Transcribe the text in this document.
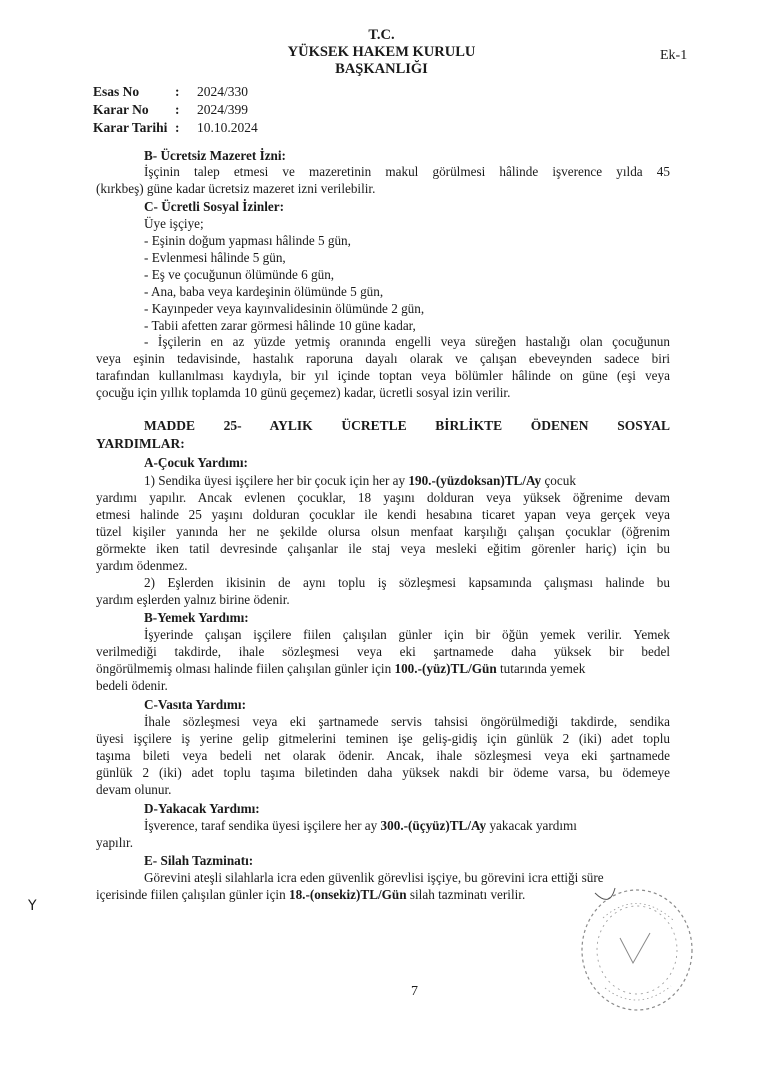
T.C.
YÜKSEK HAKEM KURULU
BAŞKANLIĞI
Ek-1
Esas No	:	2024/330
Karar No	:	2024/399
Karar Tarihi :	10.10.2024
B- Ücretsiz Mazeret İzni:
İşçinin talep etmesi ve mazeretinin makul görülmesi hâlinde işverence yılda 45
(kırkbeş) güne kadar ücretsiz mazeret izni verilebilir.
C- Ücretli Sosyal İzinler:
Üye işçiye;
- Eşinin doğum yapması hâlinde 5 gün,
- Evlenmesi hâlinde 5 gün,
- Eş ve çocuğunun ölümünde 6 gün,
- Ana, baba veya kardeşinin ölümünde 5 gün,
- Kayınpeder veya kayınvalidesinin ölümünde 2 gün,
- Tabii afetten zarar görmesi hâlinde 10 güne kadar,
- İşçilerin en az yüzde yetmiş oranında engelli veya süreğen hastalığı olan çocuğunun
veya eşinin tedavisinde, hastalık raporuna dayalı olarak ve çalışan ebeveynden sadece biri
tarafından kullanılması kaydıyla, bir yıl içinde toptan veya bölümler hâlinde on güne (eşi veya
çocuğu için yıllık toplamda 10 günü geçemez) kadar, ücretli sosyal izin verilir.
MADDE 25- AYLIK ÜCRETLE BİRLİKTE ÖDENEN SOSYAL
YARDIMLAR:
A-Çocuk Yardımı:
1) Sendika üyesi işçilere her bir çocuk için her ay 190.-(yüzdoksan)TL/Ay çocuk
yardımı yapılır. Ancak evlenen çocuklar, 18 yaşını dolduran veya yüksek öğrenime devam
etmesi halinde 25 yaşını dolduran çocuklar ile kendi hesabına ticaret yapan veya gerçek veya
tüzel kişiler yanında her ne şekilde olursa olsun menfaat karşılığı çalışan çocuklar (öğrenim
görmekte iken tatil devresinde çalışanlar ile staj veya mesleki eğitim görenler hariç) için bu
yardım ödenmez.
2) Eşlerden ikisinin de aynı toplu iş sözleşmesi kapsamında çalışması halinde bu
yardım eşlerden yalnız birine ödenir.
B-Yemek Yardımı:
İşyerinde çalışan işçilere fiilen çalışılan günler için bir öğün yemek verilir. Yemek
verilmediği takdirde, ihale sözleşmesi veya eki şartnamede daha yüksek bir bedel
öngörülmemiş olması halinde fiilen çalışılan günler için 100.-(yüz)TL/Gün tutarında yemek
bedeli ödenir.
C-Vasıta Yardımı:
İhale sözleşmesi veya eki şartnamede servis tahsisi öngörülmediği takdirde, sendika
üyesi işçilere iş yerine gelip gitmelerini teminen işe geliş-gidiş için günlük 2 (iki) adet toplu
taşıma bileti veya bedeli net olarak ödenir. Ancak, ihale sözleşmesi veya eki şartnamede
günlük 2 (iki) adet toplu taşıma biletinden daha yüksek nakdi bir ödeme varsa, bu ödemeye
devam olunur.
D-Yakacak Yardımı:
İşverence, taraf sendika üyesi işçilere her ay 300.-(üçyüz)TL/Ay yakacak yardımı
yapılır.
E- Silah Tazminatı:
Görevini ateşli silahlarla icra eden güvenlik görevlisi işçiye, bu görevini icra ettiği süre
içerisinde fiilen çalışılan günler için 18.-(onsekiz)TL/Gün silah tazminatı verilir.
Y
7
